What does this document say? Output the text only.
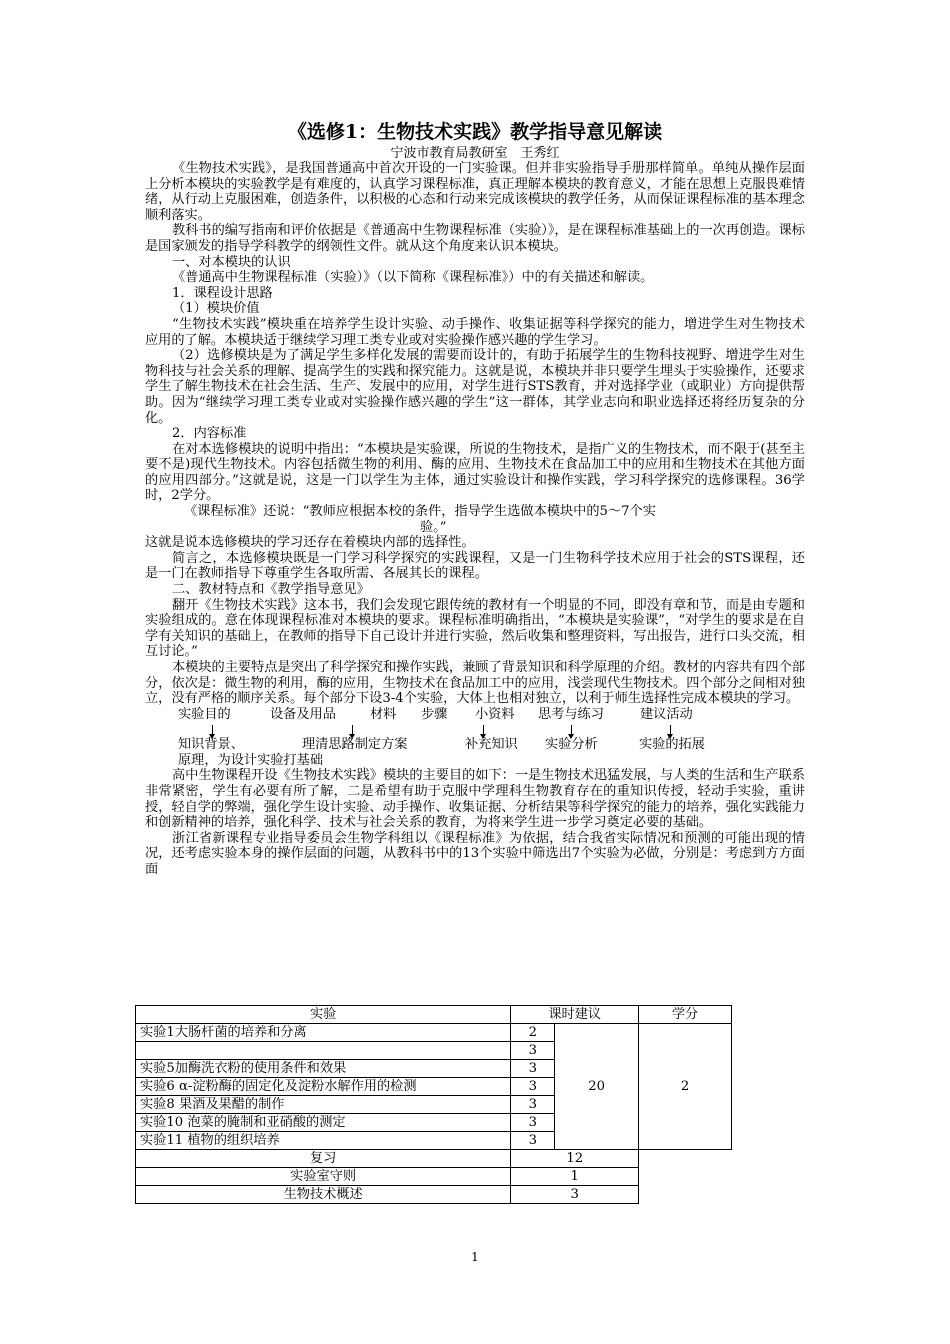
《选修1：生物技术实践》教学指导意见解读
宁波市教育局教研室　王秀红

《生物技术实践》，是我国普通高中首次开设的一门实验课。但并非实验指导手册那样简单。单纯从操作层面上分析本模块的实验教学是有难度的，认真学习课程标准，真正理解本模块的教育意义，才能在思想上克服畏难情绪，从行动上克服困难，创造条件，以积极的心态和行动来完成该模块的教学任务，从而保证课程标准的基本理念顺利落实。

教科书的编写指南和评价依据是《普通高中生物课程标准（实验）》，是在课程标准基础上的一次再创造。课标是国家颁发的指导学科教学的纲领性文件。就从这个角度来认识本模块。

一、对本模块的认识

《普通高中生物课程标准（实验）》（以下简称《课程标准》）中的有关描述和解读。

1．课程设计思路

（1）模块价值

“生物技术实践”模块重在培养学生设计实验、动手操作、收集证据等科学探究的能力，增进学生对生物技术应用的了解。本模块适于继续学习理工类专业或对实验操作感兴趣的学生学习。

（2）选修模块是为了满足学生多样化发展的需要而设计的，有助于拓展学生的生物科技视野、增进学生对生物科技与社会关系的理解、提高学生的实践和探究能力。这就是说，本模块并非只要学生埋头于实验操作，还要求学生了解生物技术在社会生活、生产、发展中的应用，对学生进行STS教育，并对选择学业（或职业）方向提供帮助。因为“继续学习理工类专业或对实验操作感兴趣的学生”这一群体，其学业志向和职业选择还将经历复杂的分化。

2．内容标准

在对本选修模块的说明中指出：“本模块是实验课，所说的生物技术，是指广义的生物技术，而不限于(甚至主要不是)现代生物技术。内容包括微生物的利用、酶的应用、生物技术在食品加工中的应用和生物技术在其他方面的应用四部分。”这就是说，这是一门以学生为主体，通过实验设计和操作实践，学习科学探究的选修课程。36学时，2学分。

《课程标准》还说：“教师应根据本校的条件，指导学生选做本模块中的5～7个实

验。”

这就是说本选修模块的学习还存在着模块内部的选择性。

简言之，本选修模块既是一门学习科学探究的实践课程，又是一门生物科学技术应用于社会的STS课程，还是一门在教师指导下尊重学生各取所需、各展其长的课程。

二、教材特点和《教学指导意见》

翻开《生物技术实践》这本书，我们会发现它跟传统的教材有一个明显的不同，即没有章和节，而是由专题和实验组成的。意在体现课程标准对本模块的要求。课程标准明确指出，“本模块是实验课”，“对学生的要求是在自学有关知识的基础上，在教师的指导下自己设计并进行实验，然后收集和整理资料，写出报告，进行口头交流，相互讨论。”

本模块的主要特点是突出了科学探究和操作实践，兼顾了背景知识和科学原理的介绍。教材的内容共有四个部分，依次是：微生物的利用，酶的应用，生物技术在食品加工中的应用，浅尝现代生物技术。四个部分之间相对独立，没有严格的顺序关系。每个部分下设3-4个实验，大体上也相对独立，以利于师生选择性完成本模块的学习。

实验目的	设备及用品	材料 步骤 小资料 思考与练习	建议活动
知识背景、	理清思路制定方案	补充知识 实验分析	实验的拓展

原理，为设计实验打基础

高中生物课程开设《生物技术实践》模块的主要目的如下：一是生物技术迅猛发展，与人类的生活和生产联系非常紧密，学生有必要有所了解，二是希望有助于克服中学理科生物教育存在的重知识传授，轻动手实验，重讲授，轻自学的弊端，强化学生设计实验、动手操作、收集证据、分析结果等科学探究的能力的培养，强化实践能力和创新精神的培养，强化科学、技术与社会关系的教育，为将来学生进一步学习奠定必要的基础。

浙江省新课程专业指导委员会生物学科组以《课程标准》为依据，结合我省实际情况和预测的可能出现的情况，还考虑实验本身的操作层面的问题，从教科书中的13个实验中筛选出7个实验为必做，分别是：考虑到方方面面

实验	课时建议		学分
实验1大肠杆菌的培养和分离	2	20	2
	3		
实验5加酶洗衣粉的使用条件和效果	3		
实验6 α-淀粉酶的固定化及淀粉水解作用的检测	3		
实验8 果酒及果醋的制作	3		
实验10 泡菜的腌制和亚硝酸的测定	3		
实验11 植物的组织培养	3		
复习	12		
实验室守则	1		
生物技术概述	3		
1
